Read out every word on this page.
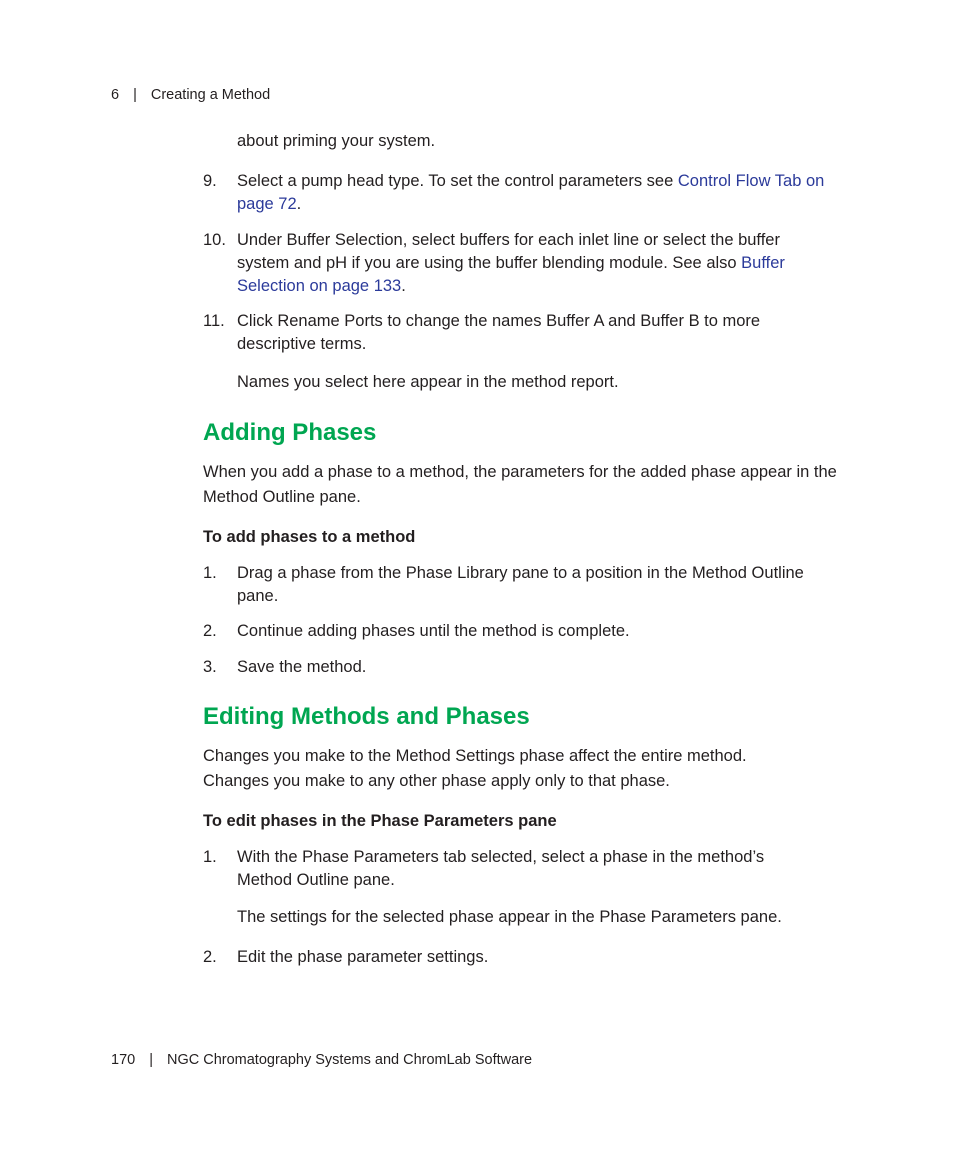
6 | Creating a Method
about priming your system.
9. Select a pump head type. To set the control parameters see Control Flow Tab on page 72.
10. Under Buffer Selection, select buffers for each inlet line or select the buffer system and pH if you are using the buffer blending module. See also Buffer Selection on page 133.
11. Click Rename Ports to change the names Buffer A and Buffer B to more descriptive terms.
Names you select here appear in the method report.
Adding Phases
When you add a phase to a method, the parameters for the added phase appear in the Method Outline pane.
To add phases to a method
1. Drag a phase from the Phase Library pane to a position in the Method Outline pane.
2. Continue adding phases until the method is complete.
3. Save the method.
Editing Methods and Phases
Changes you make to the Method Settings phase affect the entire method. Changes you make to any other phase apply only to that phase.
To edit phases in the Phase Parameters pane
1. With the Phase Parameters tab selected, select a phase in the method’s Method Outline pane.
The settings for the selected phase appear in the Phase Parameters pane.
2. Edit the phase parameter settings.
170 | NGC Chromatography Systems and ChromLab Software
